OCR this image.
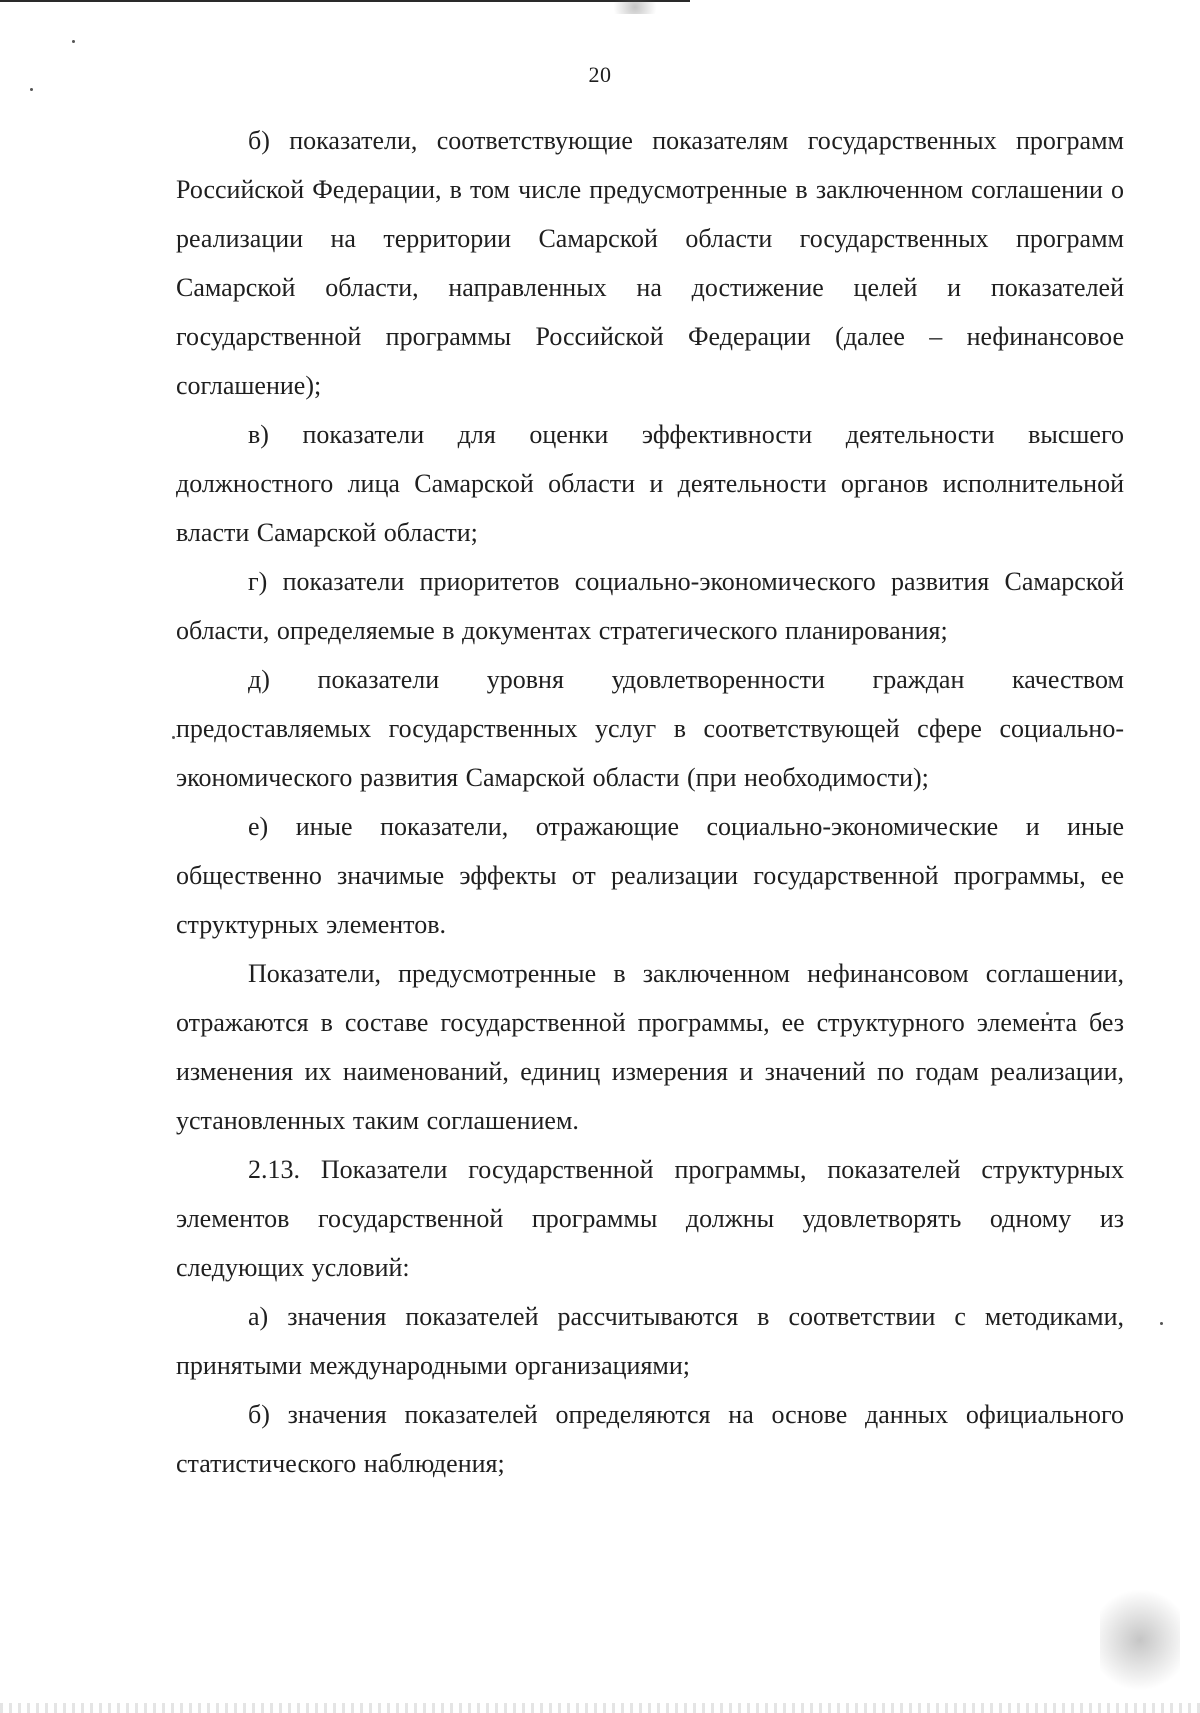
20

б) показатели, соответствующие показателям государственных программ Российской Федерации, в том числе предусмотренные в заключенном соглашении о реализации на территории Самарской области государственных программ Самарской области, направленных на достижение целей и показателей государственной программы Российской Федерации (далее – нефинансовое соглашение);

в) показатели для оценки эффективности деятельности высшего должностного лица Самарской области и деятельности органов исполнительной власти Самарской области;

г) показатели приоритетов социально-экономического развития Самарской области, определяемые в документах стратегического планирования;

д) показатели уровня удовлетворенности граждан качеством предоставляемых государственных услуг в соответствующей сфере социально-экономического развития Самарской области (при необходимости);

е) иные показатели, отражающие социально-экономические и иные общественно значимые эффекты от реализации государственной программы, ее структурных элементов.

Показатели, предусмотренные в заключенном нефинансовом соглашении, отражаются в составе государственной программы, ее структурного элемента без изменения их наименований, единиц измерения и значений по годам реализации, установленных таким соглашением.

2.13. Показатели государственной программы, показателей структурных элементов государственной программы должны удовлетворять одному из следующих условий:

а) значения показателей рассчитываются в соответствии с методиками, принятыми международными организациями;

б) значения показателей определяются на основе данных официального статистического наблюдения;
